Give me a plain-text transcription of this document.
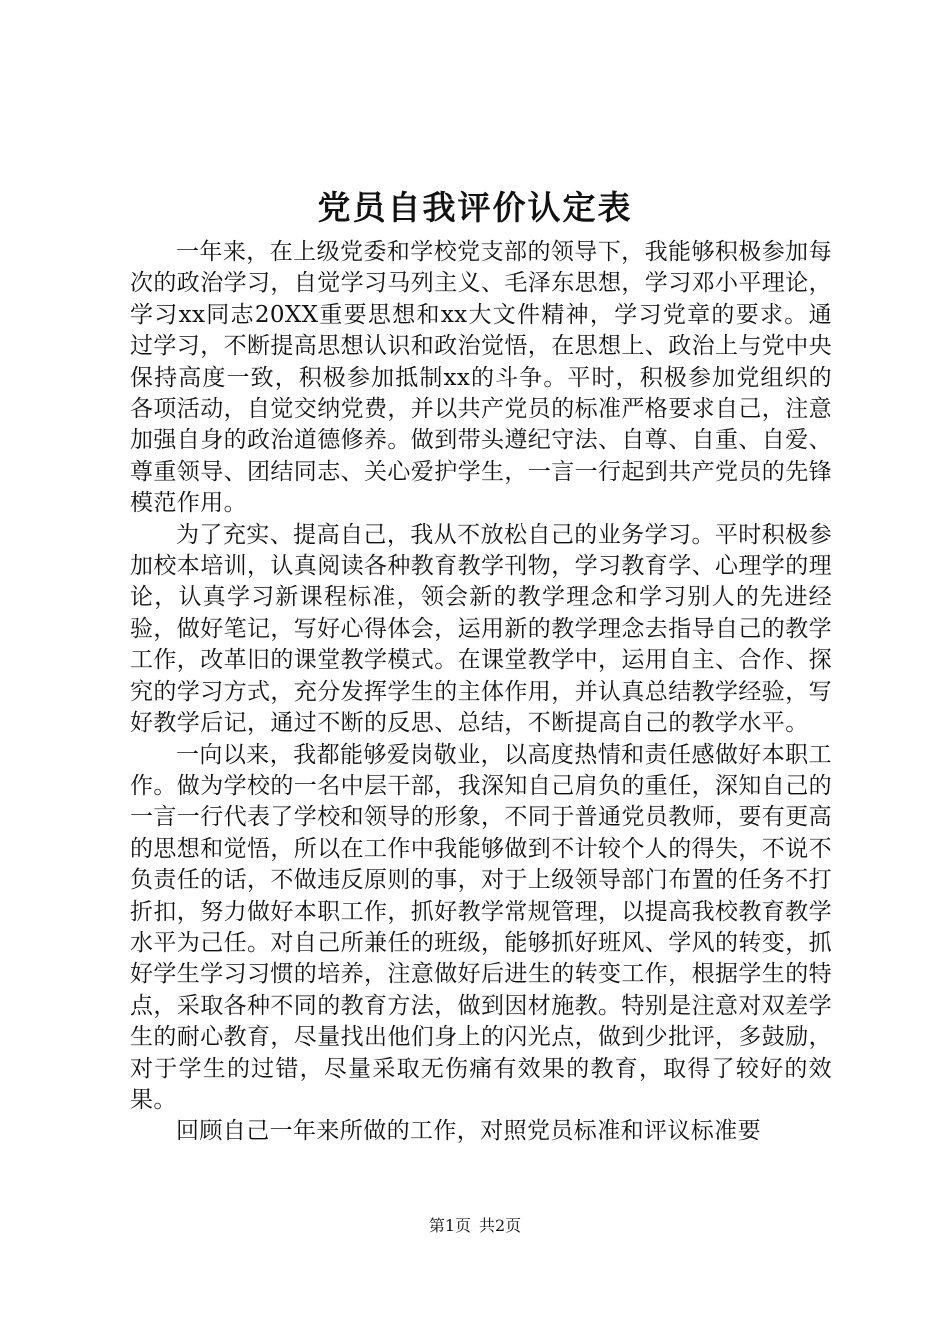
党员自我评价认定表

一年来，在上级党委和学校党支部的领导下，我能够积极参加每次的政治学习，自觉学习马列主义、毛泽东思想，学习邓小平理论，学习xx同志20XX重要思想和xx大文件精神，学习党章的要求。通过学习，不断提高思想认识和政治觉悟，在思想上、政治上与党中央保持高度一致，积极参加抵制xx的斗争。平时，积极参加党组织的各项活动，自觉交纳党费，并以共产党员的标准严格要求自己，注意加强自身的政治道德修养。做到带头遵纪守法、自尊、自重、自爱、尊重领导、团结同志、关心爱护学生，一言一行起到共产党员的先锋模范作用。

为了充实、提高自己，我从不放松自己的业务学习。平时积极参加校本培训，认真阅读各种教育教学刊物，学习教育学、心理学的理论，认真学习新课程标准，领会新的教学理念和学习别人的先进经验，做好笔记，写好心得体会，运用新的教学理念去指导自己的教学工作，改革旧的课堂教学模式。在课堂教学中，运用自主、合作、探究的学习方式，充分发挥学生的主体作用，并认真总结教学经验，写好教学后记，通过不断的反思、总结，不断提高自己的教学水平。

一向以来，我都能够爱岗敬业，以高度热情和责任感做好本职工作。做为学校的一名中层干部，我深知自己肩负的重任，深知自己的一言一行代表了学校和领导的形象，不同于普通党员教师，要有更高的思想和觉悟，所以在工作中我能够做到不计较个人的得失，不说不负责任的话，不做违反原则的事，对于上级领导部门布置的任务不打折扣，努力做好本职工作，抓好教学常规管理，以提高我校教育教学水平为己任。对自己所兼任的班级，能够抓好班风、学风的转变，抓好学生学习习惯的培养，注意做好后进生的转变工作，根据学生的特点，采取各种不同的教育方法，做到因材施教。特别是注意对双差学生的耐心教育，尽量找出他们身上的闪光点，做到少批评，多鼓励，对于学生的过错，尽量采取无伤痛有效果的教育，取得了较好的效果。

回顾自己一年来所做的工作，对照党员标准和评议标准要

第1页 共2页
